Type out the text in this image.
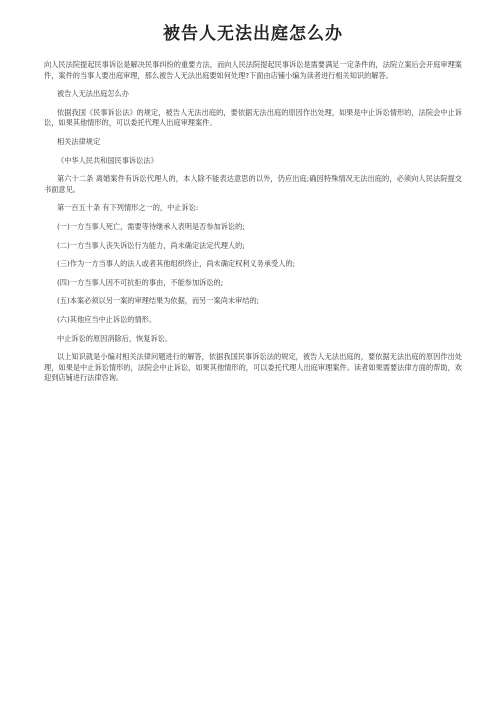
被告人无法出庭怎么办

向人民法院提起民事诉讼是解决民事纠纷的重要方法，而向人民法院提起民事诉讼是需要满足一定条件的，法院立案后会开庭审理案件，案件的当事人要出庭审理，那么被告人无法出庭要如何处理?下面由店铺小编为读者进行相关知识的解答。

被告人无法出庭怎么办

依据我国《民事诉讼法》的规定，被告人无法出庭的，要依据无法出庭的原因作出处理，如果是中止诉讼情形的，法院会中止诉讼，如果其他情形的，可以委托代理人出庭审理案件。

相关法律规定

《中华人民共和国民事诉讼法》

第六十二条 离婚案件有诉讼代理人的，本人除不能表达意思的以外，仍应出庭;确因特殊情况无法出庭的，必须向人民法院提交书面意见。

第一百五十条 有下列情形之一的，中止诉讼:

(一)一方当事人死亡，需要等待继承人表明是否参加诉讼的;

(二)一方当事人丧失诉讼行为能力，尚未确定法定代理人的;

(三)作为一方当事人的法人或者其他组织终止，尚未确定权利义务承受人的;

(四)一方当事人因不可抗拒的事由，不能参加诉讼的;

(五)本案必须以另一案的审理结果为依据，而另一案尚未审结的;

(六)其他应当中止诉讼的情形。

中止诉讼的原因消除后，恢复诉讼。

以上知识就是小编对相关法律问题进行的解答，依据我国民事诉讼法的规定，被告人无法出庭的，要依据无法出庭的原因作出处理，如果是中止诉讼情形的，法院会中止诉讼，如果其他情形的，可以委托代理人出庭审理案件。读者如果需要法律方面的帮助，欢迎到店铺进行法律咨询。
